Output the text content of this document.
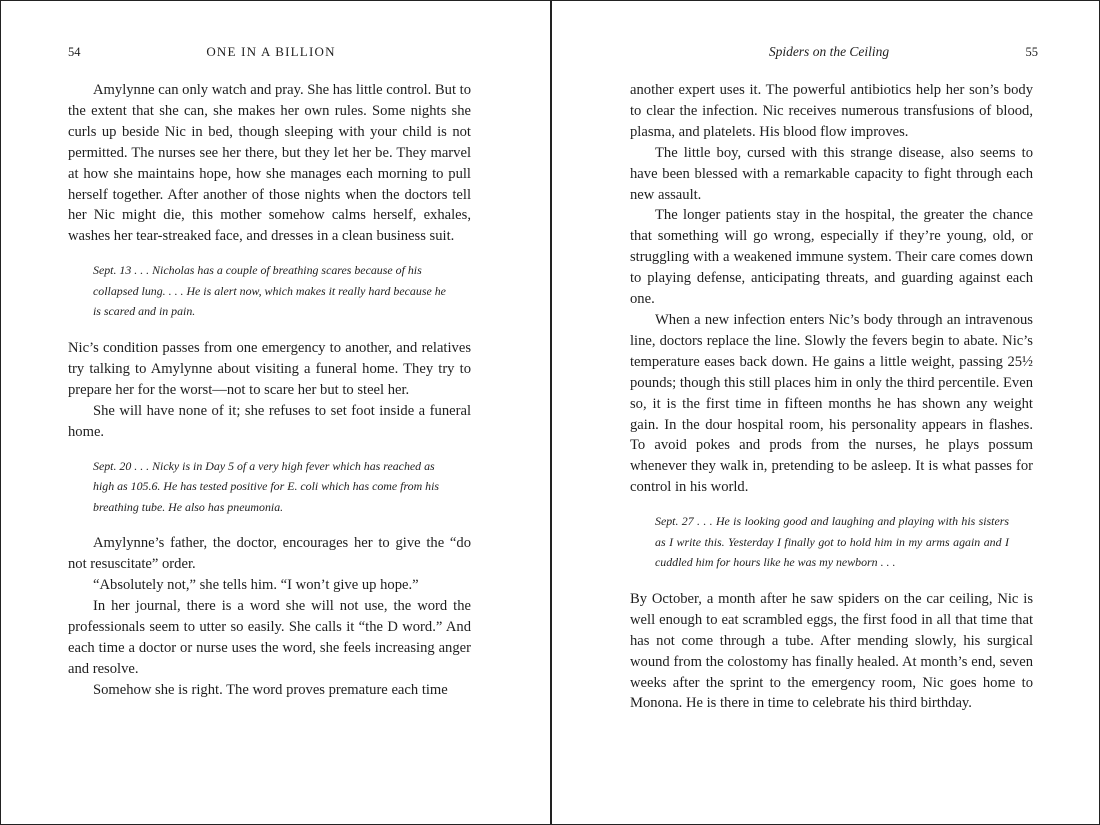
54	ONE IN A BILLION

Amylynne can only watch and pray. She has little control. But to the extent that she can, she makes her own rules. Some nights she curls up beside Nic in bed, though sleeping with your child is not permitted. The nurses see her there, but they let her be. They marvel at how she maintains hope, how she manages each morning to pull herself together. After another of those nights when the doctors tell her Nic might die, this mother somehow calms herself, exhales, washes her tear-streaked face, and dresses in a clean business suit.

Sept. 13 . . . Nicholas has a couple of breathing scares because of his collapsed lung. . . . He is alert now, which makes it really hard because he is scared and in pain.

Nic’s condition passes from one emergency to another, and relatives try talking to Amylynne about visiting a funeral home. They try to prepare her for the worst—not to scare her but to steel her.

She will have none of it; she refuses to set foot inside a funeral home.

Sept. 20 . . . Nicky is in Day 5 of a very high fever which has reached as high as 105.6. He has tested positive for E. coli which has come from his breathing tube. He also has pneumonia.

Amylynne’s father, the doctor, encourages her to give the “do not resuscitate” order.

“Absolutely not,” she tells him. “I won’t give up hope.”

In her journal, there is a word she will not use, the word the professionals seem to utter so easily. She calls it “the D word.” And each time a doctor or nurse uses the word, she feels increasing anger and resolve.

Somehow she is right. The word proves premature each time

Spiders on the Ceiling	55

another expert uses it. The powerful antibiotics help her son’s body to clear the infection. Nic receives numerous transfusions of blood, plasma, and platelets. His blood flow improves.

The little boy, cursed with this strange disease, also seems to have been blessed with a remarkable capacity to fight through each new assault.

The longer patients stay in the hospital, the greater the chance that something will go wrong, especially if they’re young, old, or struggling with a weakened immune system. Their care comes down to playing defense, anticipating threats, and guarding against each one.

When a new infection enters Nic’s body through an intravenous line, doctors replace the line. Slowly the fevers begin to abate. Nic’s temperature eases back down. He gains a little weight, passing 25½ pounds; though this still places him in only the third percentile. Even so, it is the first time in fifteen months he has shown any weight gain. In the dour hospital room, his personality appears in flashes. To avoid pokes and prods from the nurses, he plays possum whenever they walk in, pretending to be asleep. It is what passes for control in his world.

Sept. 27 . . . He is looking good and laughing and playing with his sisters as I write this. Yesterday I finally got to hold him in my arms again and I cuddled him for hours like he was my newborn . . .

By October, a month after he saw spiders on the car ceiling, Nic is well enough to eat scrambled eggs, the first food in all that time that has not come through a tube. After mending slowly, his surgical wound from the colostomy has finally healed. At month’s end, seven weeks after the sprint to the emergency room, Nic goes home to Monona. He is there in time to celebrate his third birthday.
